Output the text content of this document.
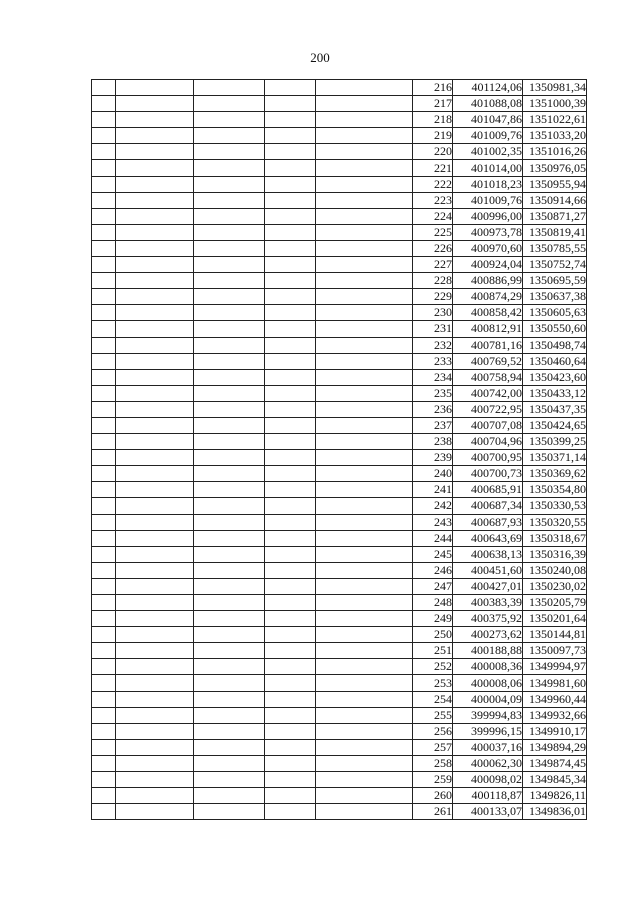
200
					216	401124,06	1350981,34
					217	401088,08	1351000,39
					218	401047,86	1351022,61
					219	401009,76	1351033,20
					220	401002,35	1351016,26
					221	401014,00	1350976,05
					222	401018,23	1350955,94
					223	401009,76	1350914,66
					224	400996,00	1350871,27
					225	400973,78	1350819,41
					226	400970,60	1350785,55
					227	400924,04	1350752,74
					228	400886,99	1350695,59
					229	400874,29	1350637,38
					230	400858,42	1350605,63
					231	400812,91	1350550,60
					232	400781,16	1350498,74
					233	400769,52	1350460,64
					234	400758,94	1350423,60
					235	400742,00	1350433,12
					236	400722,95	1350437,35
					237	400707,08	1350424,65
					238	400704,96	1350399,25
					239	400700,95	1350371,14
					240	400700,73	1350369,62
					241	400685,91	1350354,80
					242	400687,34	1350330,53
					243	400687,93	1350320,55
					244	400643,69	1350318,67
					245	400638,13	1350316,39
					246	400451,60	1350240,08
					247	400427,01	1350230,02
					248	400383,39	1350205,79
					249	400375,92	1350201,64
					250	400273,62	1350144,81
					251	400188,88	1350097,73
					252	400008,36	1349994,97
					253	400008,06	1349981,60
					254	400004,09	1349960,44
					255	399994,83	1349932,66
					256	399996,15	1349910,17
					257	400037,16	1349894,29
					258	400062,30	1349874,45
					259	400098,02	1349845,34
					260	400118,87	1349826,11
					261	400133,07	1349836,01
